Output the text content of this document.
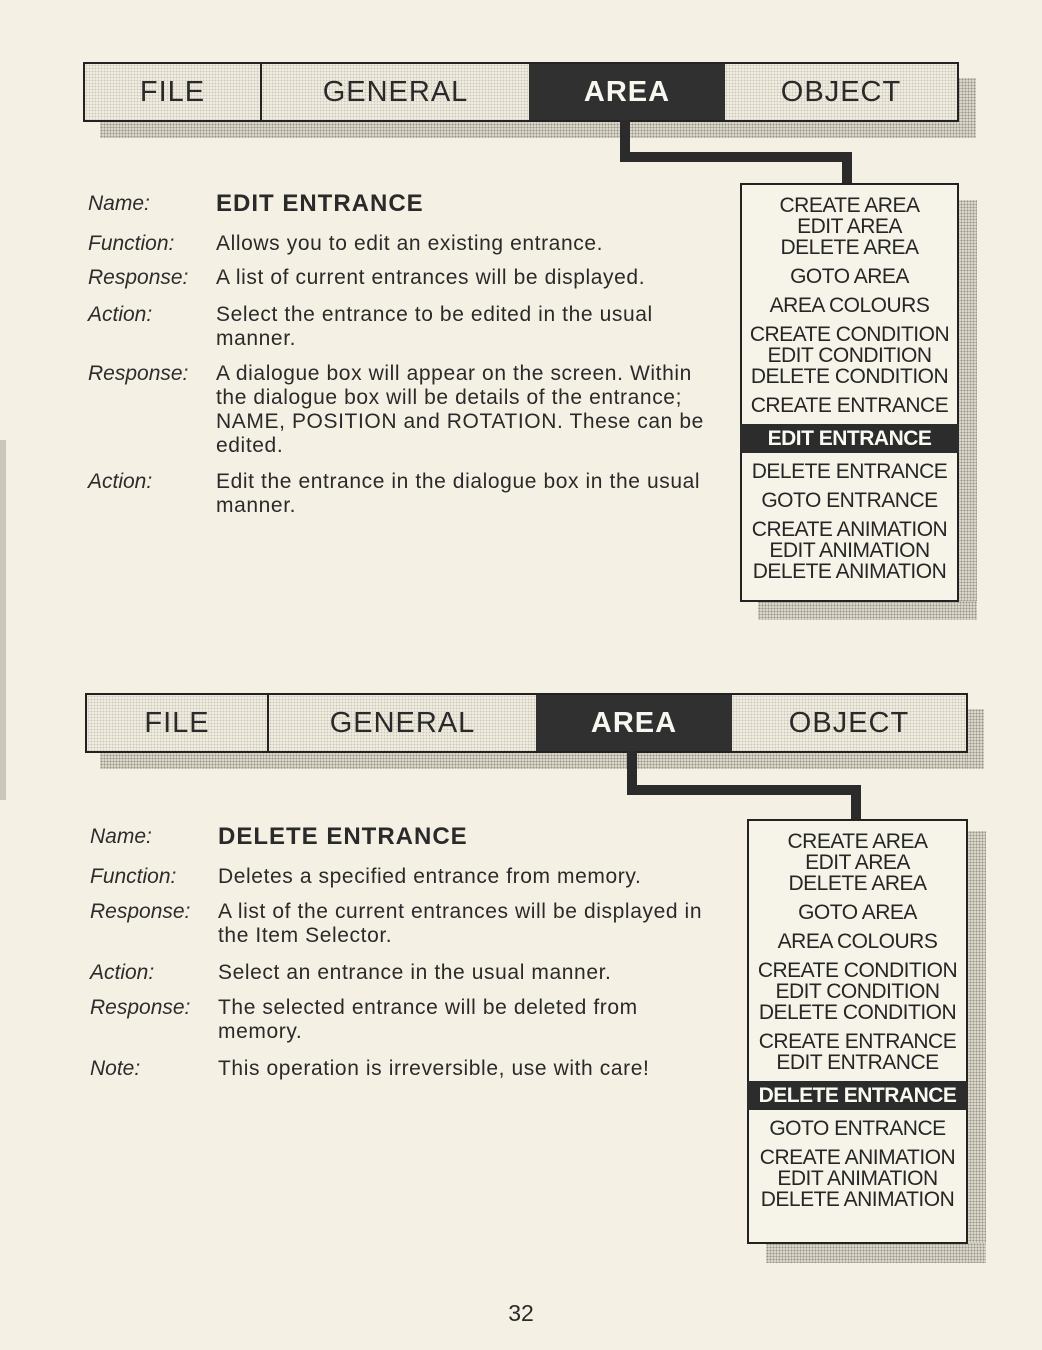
FILE	GENERAL	AREA	OBJECT
CREATE AREA
EDIT AREA
DELETE AREA
GOTO AREA
AREA COLOURS
CREATE CONDITION
EDIT CONDITION
DELETE CONDITION
CREATE ENTRANCE
EDIT ENTRANCE
DELETE ENTRANCE
GOTO ENTRANCE
CREATE ANIMATION
EDIT ANIMATION
DELETE ANIMATION
Name:	EDIT ENTRANCE
Function:	Allows you to edit an existing entrance.
Response:	A list of current entrances will be displayed.
Action:	Select the entrance to be edited in the usual manner.
Response:	A dialogue box will appear on the screen. Within the dialogue box will be details of the entrance; NAME, POSITION and ROTATION. These can be edited.
Action:	Edit the entrance in the dialogue box in the usual manner.
FILE	GENERAL	AREA	OBJECT
CREATE AREA
EDIT AREA
DELETE AREA
GOTO AREA
AREA COLOURS
CREATE CONDITION
EDIT CONDITION
DELETE CONDITION
CREATE ENTRANCE
EDIT ENTRANCE
DELETE ENTRANCE
GOTO ENTRANCE
CREATE ANIMATION
EDIT ANIMATION
DELETE ANIMATION
Name:	DELETE ENTRANCE
Function:	Deletes a specified entrance from memory.
Response:	A list of the current entrances will be displayed in the Item Selector.
Action:	Select an entrance in the usual manner.
Response:	The selected entrance will be deleted from memory.
Note:	This operation is irreversible, use with care!
32
